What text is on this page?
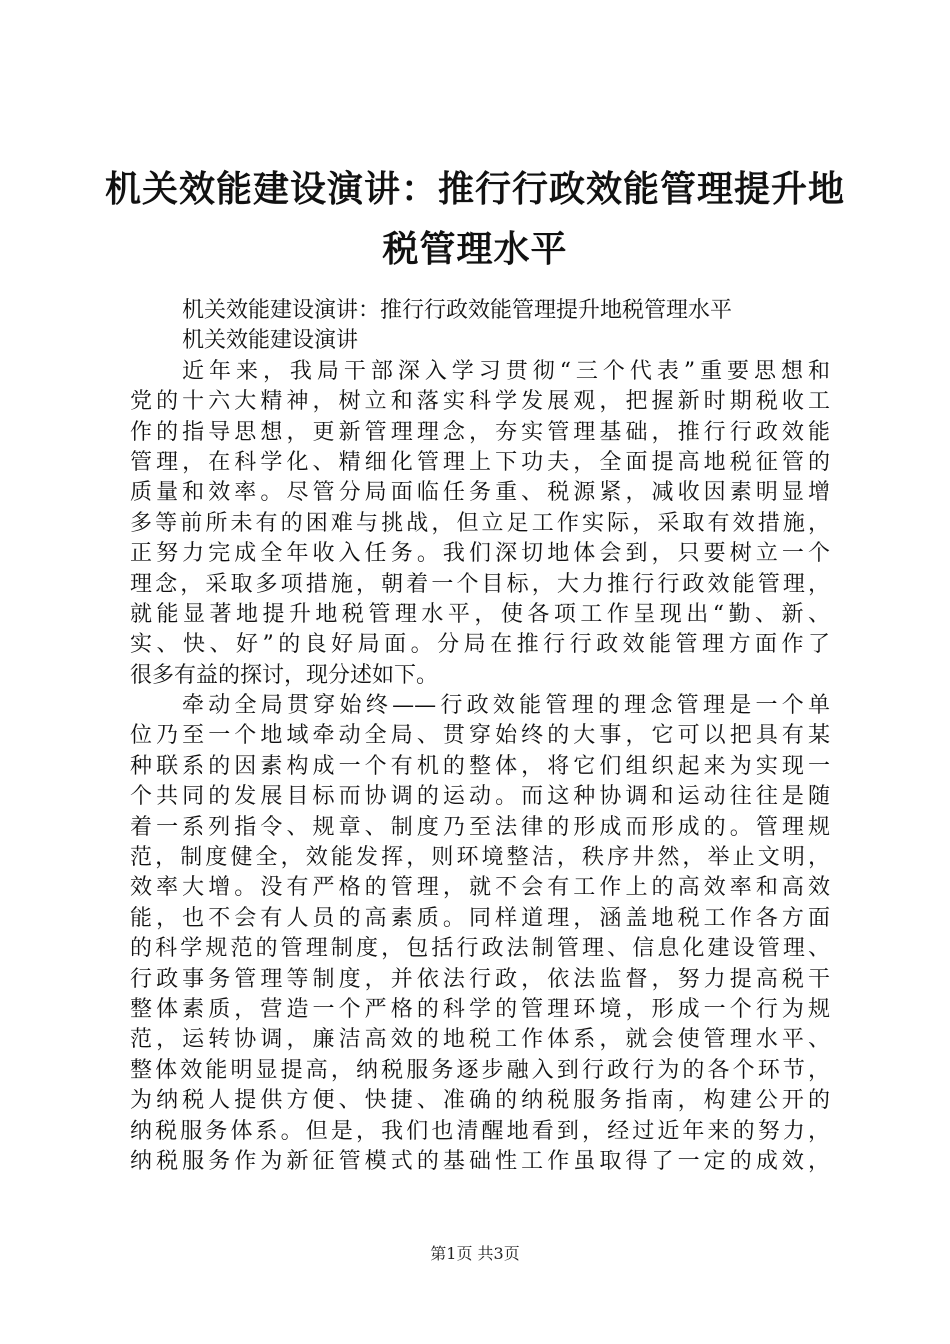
机关效能建设演讲：推行行政效能管理提升地
税管理水平
机关效能建设演讲：推行行政效能管理提升地税管理水平
机关效能建设演讲
近年来，我局干部深入学习贯彻“三个代表”重要思想和
党的十六大精神，树立和落实科学发展观，把握新时期税收工
作的指导思想，更新管理理念，夯实管理基础，推行行政效能
管理，在科学化、精细化管理上下功夫，全面提高地税征管的
质量和效率。尽管分局面临任务重、税源紧，减收因素明显增
多等前所未有的困难与挑战，但立足工作实际，采取有效措施，
正努力完成全年收入任务。我们深切地体会到，只要树立一个
理念，采取多项措施，朝着一个目标，大力推行行政效能管理，
就能显著地提升地税管理水平，使各项工作呈现出“勤、新、
实、快、好”的良好局面。分局在推行行政效能管理方面作了
很多有益的探讨，现分述如下。
牵动全局贯穿始终——行政效能管理的理念管理是一个单
位乃至一个地域牵动全局、贯穿始终的大事，它可以把具有某
种联系的因素构成一个有机的整体，将它们组织起来为实现一
个共同的发展目标而协调的运动。而这种协调和运动往往是随
着一系列指令、规章、制度乃至法律的形成而形成的。管理规
范，制度健全，效能发挥，则环境整洁，秩序井然，举止文明，
效率大增。没有严格的管理，就不会有工作上的高效率和高效
能，也不会有人员的高素质。同样道理，涵盖地税工作各方面
的科学规范的管理制度，包括行政法制管理、信息化建设管理、
行政事务管理等制度，并依法行政，依法监督，努力提高税干
整体素质，营造一个严格的科学的管理环境，形成一个行为规
范，运转协调，廉洁高效的地税工作体系，就会使管理水平、
整体效能明显提高，纳税服务逐步融入到行政行为的各个环节，
为纳税人提供方便、快捷、准确的纳税服务指南，构建公开的
纳税服务体系。但是，我们也清醒地看到，经过近年来的努力，
纳税服务作为新征管模式的基础性工作虽取得了一定的成效，
第1页 共3页
